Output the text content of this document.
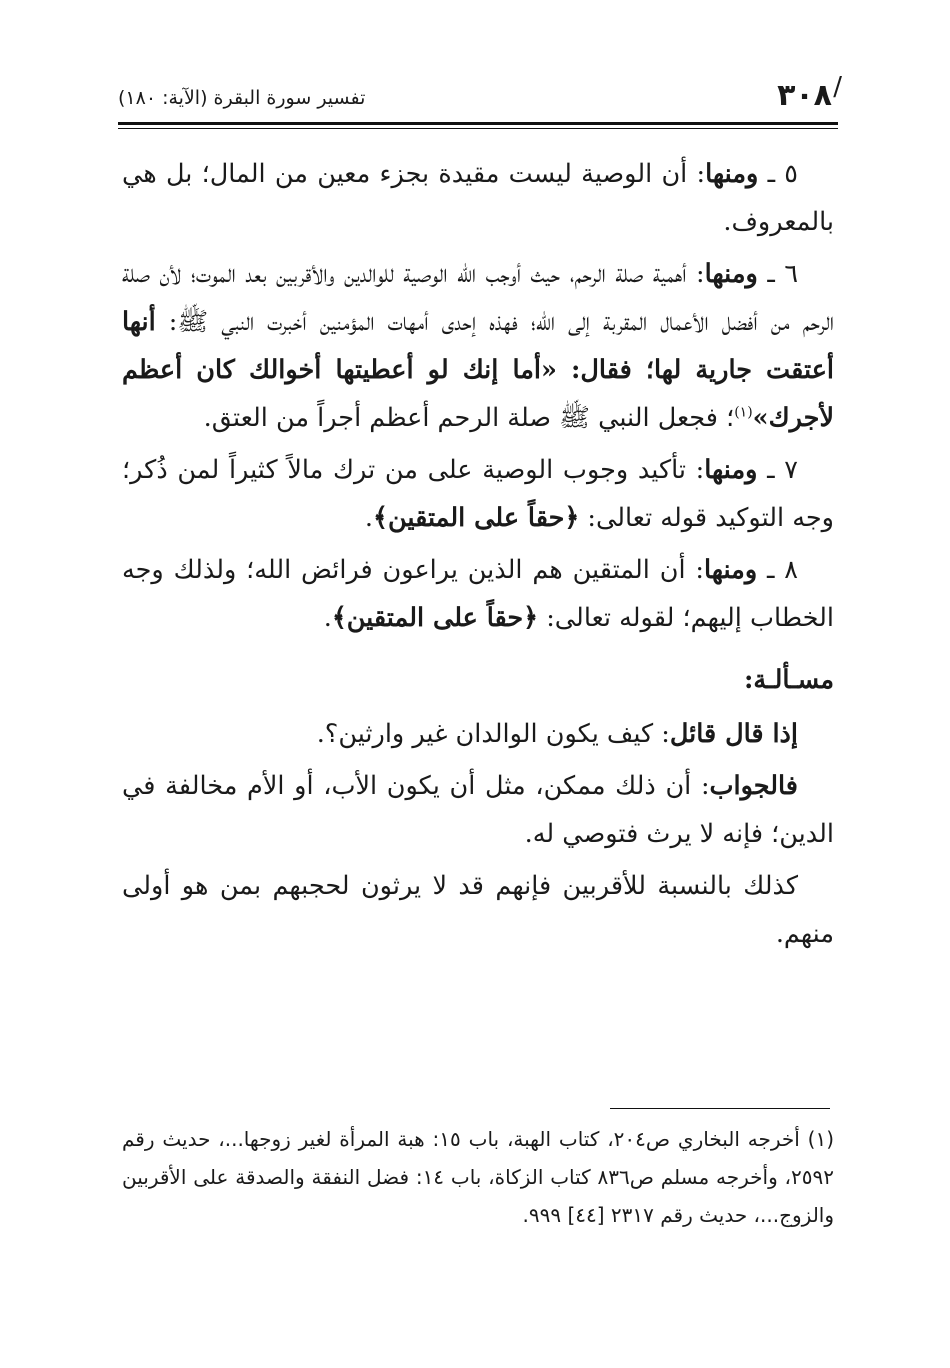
/
٣٠٨
تفسير سورة البقرة (الآية: ١٨٠)

٥ ـ ومنها: أن الوصية ليست مقيدة بجزء معين من المال؛ بل هي بالمعروف.

٦ ـ ومنها: أهمية صلة الرحم، حيث أوجب الله الوصية للوالدين والأقربين بعد الموت؛ لأن صلة الرحم من أفضل الأعمال المقربة إلى الله؛ فهذه إحدى أمهات المؤمنين أخبرت النبي ﷺ: أنها أعتقت جارية لها؛ فقال: «أما إنك لو أعطيتها أخوالك كان أعظم لأجرك»$^{(١)}$؛ فجعل النبي ﷺ صلة الرحم أعظم أجراً من العتق.

٧ ـ ومنها: تأكيد وجوب الوصية على من ترك مالاً كثيراً لمن ذُكر؛ وجه التوكيد قوله تعالى: ﴿حقاً على المتقين﴾.

٨ ـ ومنها: أن المتقين هم الذين يراعون فرائض الله؛ ولذلك وجه الخطاب إليهم؛ لقوله تعالى: ﴿حقاً على المتقين﴾.

مسـألـة:

إذا قال قائل: كيف يكون الوالدان غير وارثين؟.

فالجواب: أن ذلك ممكن، مثل أن يكون الأب، أو الأم مخالفة في الدين؛ فإنه لا يرث فتوصي له.

كذلك بالنسبة للأقربين فإنهم قد لا يرثون لحجبهم بمن هو أولى منهم.

(١) أخرجه البخاري ص٢٠٤، كتاب الهبة، باب ١٥: هبة المرأة لغير زوجها...، حديث رقم ٢٥٩٢، وأخرجه مسلم ص٨٣٦ كتاب الزكاة، باب ١٤: فضل النفقة والصدقة على الأقربين والزوج...، حديث رقم ٢٣١٧ [٤٤] ٩٩٩.
